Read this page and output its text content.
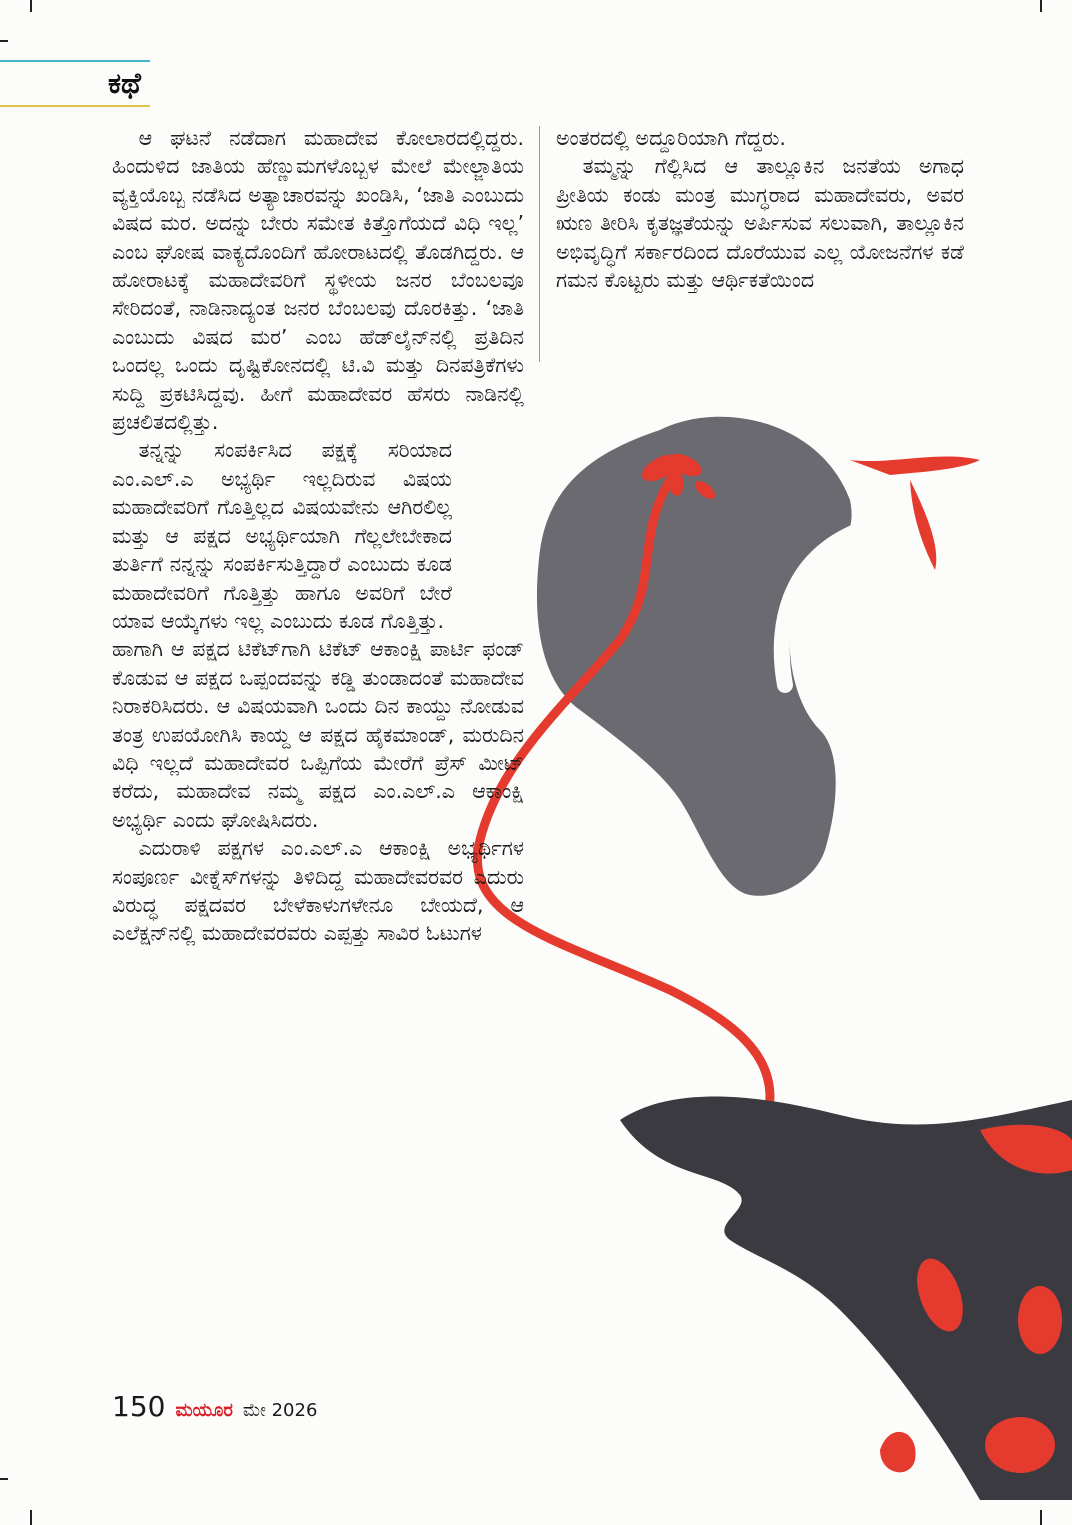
ಕಥೆ

ಆ ಘಟನೆ ನಡೆದಾಗ ಮಹಾದೇವ ಕೋಲಾರದಲ್ಲಿದ್ದರು. ಹಿಂದುಳಿದ ಜಾತಿಯ ಹೆಣ್ಣುಮಗಳೊಬ್ಬಳ ಮೇಲೆ ಮೇಲ್ಜಾತಿಯ ವ್ಯಕ್ತಿಯೊಬ್ಬ ನಡೆಸಿದ ಅತ್ಯಾಚಾರವನ್ನು ಖಂಡಿಸಿ, ‘ಜಾತಿ ಎಂಬುದು ವಿಷದ ಮರ. ಅದನ್ನು ಬೇರು ಸಮೇತ ಕಿತ್ತೊಗೆಯದೆ ವಿಧಿ ಇಲ್ಲ’ ಎಂಬ ಘೋಷ ವಾಕ್ಯದೊಂದಿಗೆ ಹೋರಾಟದಲ್ಲಿ ತೊಡಗಿದ್ದರು. ಆ ಹೋರಾಟಕ್ಕೆ ಮಹಾದೇವರಿಗೆ ಸ್ಥಳೀಯ ಜನರ ಬೆಂಬಲವೂ ಸೇರಿದಂತೆ, ನಾಡಿನಾದ್ಯಂತ ಜನರ ಬೆಂಬಲವು ದೊರಕಿತ್ತು. ‘ಜಾತಿ ಎಂಬುದು ವಿಷದ ಮರ’ ಎಂಬ ಹೆಡ್‌ಲೈನ್‌ನಲ್ಲಿ ಪ್ರತಿದಿನ ಒಂದಲ್ಲ ಒಂದು ದೃಷ್ಟಿಕೋನದಲ್ಲಿ ಟಿ.ವಿ ಮತ್ತು ದಿನಪತ್ರಿಕೆಗಳು ಸುದ್ದಿ ಪ್ರಕಟಿಸಿದ್ದವು. ಹೀಗೆ ಮಹಾದೇವರ ಹೆಸರು ನಾಡಿನಲ್ಲಿ ಪ್ರಚಲಿತದಲ್ಲಿತ್ತು.

ತನ್ನನ್ನು ಸಂಪರ್ಕಿಸಿದ ಪಕ್ಷಕ್ಕೆ ಸರಿಯಾದ ಎಂ.ಎಲ್.ಎ ಅಭ್ಯರ್ಥಿ ಇಲ್ಲದಿರುವ ವಿಷಯ ಮಹಾದೇವರಿಗೆ ಗೊತ್ತಿಲ್ಲದ ವಿಷಯವೇನು ಆಗಿರಲಿಲ್ಲ ಮತ್ತು ಆ ಪಕ್ಷದ ಅಭ್ಯರ್ಥಿಯಾಗಿ ಗೆಲ್ಲಲೇಬೇಕಾದ ತುರ್ತಿಗೆ ನನ್ನನ್ನು ಸಂಪರ್ಕಿಸುತ್ತಿದ್ದಾರೆ ಎಂಬುದು ಕೂಡ ಮಹಾದೇವರಿಗೆ ಗೊತ್ತಿತ್ತು ಹಾಗೂ ಅವರಿಗೆ ಬೇರೆ ಯಾವ ಆಯ್ಕೆಗಳು ಇಲ್ಲ ಎಂಬುದು ಕೂಡ ಗೊತ್ತಿತ್ತು.

ಹಾಗಾಗಿ ಆ ಪಕ್ಷದ ಟಿಕೆಟ್‌ಗಾಗಿ ಟಿಕೆಟ್ ಆಕಾಂಕ್ಷಿ ಪಾರ್ಟಿ ಫಂಡ್ ಕೊಡುವ ಆ ಪಕ್ಷದ ಒಪ್ಪಂದವನ್ನು ಕಡ್ಡಿ ತುಂಡಾದಂತೆ ಮಹಾದೇವ ನಿರಾಕರಿಸಿದರು. ಆ ವಿಷಯವಾಗಿ ಒಂದು ದಿನ ಕಾಯ್ದು ನೋಡುವ ತಂತ್ರ ಉಪಯೋಗಿಸಿ ಕಾಯ್ದ ಆ ಪಕ್ಷದ ಹೈಕಮಾಂಡ್, ಮರುದಿನ ವಿಧಿ ಇಲ್ಲದೆ ಮಹಾದೇವರ ಒಪ್ಪಿಗೆಯ ಮೇರೆಗೆ ಪ್ರೆಸ್ ಮೀಟ್ ಕರೆದು, ಮಹಾದೇವ ನಮ್ಮ ಪಕ್ಷದ ಎಂ.ಎಲ್.ಎ ಆಕಾಂಕ್ಷಿ ಅಭ್ಯರ್ಥಿ ಎಂದು ಘೋಷಿಸಿದರು.

ಎದುರಾಳಿ ಪಕ್ಷಗಳ ಎಂ.ಎಲ್.ಎ ಆಕಾಂಕ್ಷಿ ಅಭ್ಯರ್ಥಿಗಳ ಸಂಪೂರ್ಣ ವೀಕ್ನೆಸ್‌ಗಳನ್ನು ತಿಳಿದಿದ್ದ ಮಹಾದೇವರವರ ಎದುರು ವಿರುದ್ಧ ಪಕ್ಷದವರ ಬೇಳೆಕಾಳುಗಳೇನೂ ಬೇಯದೆ, ಆ ಎಲೆಕ್ಷನ್‌ನಲ್ಲಿ ಮಹಾದೇವರವರು ಎಪ್ಪತ್ತು ಸಾವಿರ ಓಟುಗಳ

ಅಂತರದಲ್ಲಿ ಅದ್ದೂರಿಯಾಗಿ ಗೆದ್ದರು.

ತಮ್ಮನ್ನು ಗೆಲ್ಲಿಸಿದ ಆ ತಾಲ್ಲೂಕಿನ ಜನತೆಯ ಅಗಾಧ ಪ್ರೀತಿಯ ಕಂಡು ಮಂತ್ರ ಮುಗ್ಧರಾದ ಮಹಾದೇವರು, ಅವರ ಋಣ ತೀರಿಸಿ ಕೃತಜ್ಞತೆಯನ್ನು ಅರ್ಪಿಸುವ ಸಲುವಾಗಿ, ತಾಲ್ಲೂಕಿನ ಅಭಿವೃದ್ಧಿಗೆ ಸರ್ಕಾರದಿಂದ ದೊರೆಯುವ ಎಲ್ಲ ಯೋಜನೆಗಳ ಕಡೆ ಗಮನ ಕೊಟ್ಟರು ಮತ್ತು ಆರ್ಥಿಕತೆಯಿಂದ

150 ಮಯೂರ ಮೇ 2026
